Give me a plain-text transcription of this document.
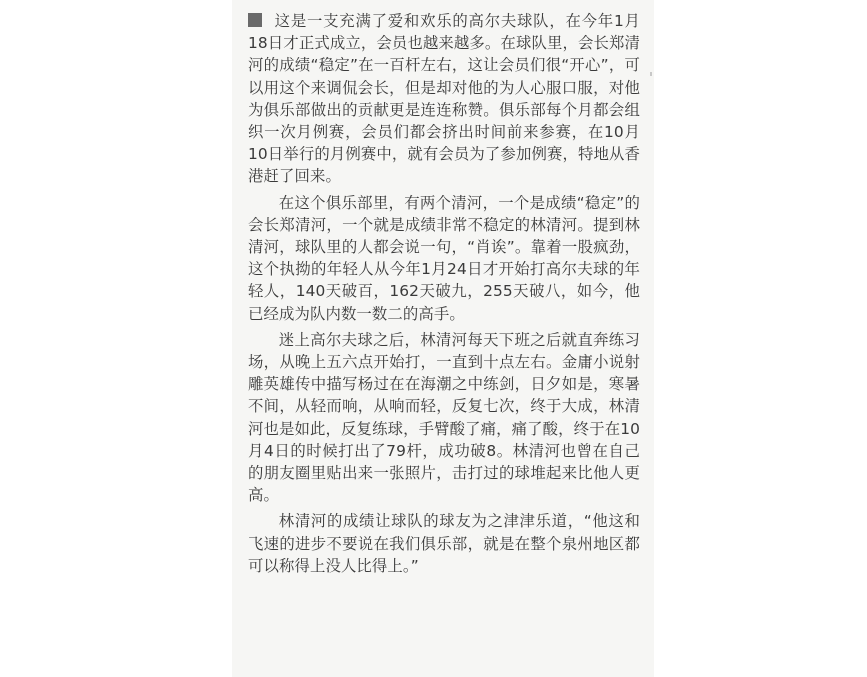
这是一支充满了爱和欢乐的高尔夫球队，在今年1月18日才正式成立，会员也越来越多。在球队里，会长郑清河的成绩“稳定”在一百杆左右，这让会员们很“开心”，可以用这个来调侃会长，但是却对他的为人心服口服，对他为俱乐部做出的贡献更是连连称赞。俱乐部每个月都会组织一次月例赛，会员们都会挤出时间前来参赛，在10月10日举行的月例赛中，就有会员为了参加例赛，特地从香港赶了回来。

在这个俱乐部里，有两个清河，一个是成绩“稳定”的会长郑清河，一个就是成绩非常不稳定的林清河。提到林清河，球队里的人都会说一句，“肖诶”。靠着一股疯劲，这个执拗的年轻人从今年1月24日才开始打高尔夫球的年轻人，140天破百，162天破九，255天破八，如今，他已经成为队内数一数二的高手。

迷上高尔夫球之后，林清河每天下班之后就直奔练习场，从晚上五六点开始打，一直到十点左右。金庸小说射雕英雄传中描写杨过在在海潮之中练剑，日夕如是，寒暑不间，从轻而响，从响而轻，反复七次，终于大成，林清河也是如此，反复练球，手臂酸了痛，痛了酸，终于在10月4日的时候打出了79杆，成功破8。林清河也曾在自己的朋友圈里贴出来一张照片，击打过的球堆起来比他人更高。

林清河的成绩让球队的球友为之津津乐道，“他这和飞速的进步不要说在我们俱乐部，就是在整个泉州地区都可以称得上没人比得上。”
